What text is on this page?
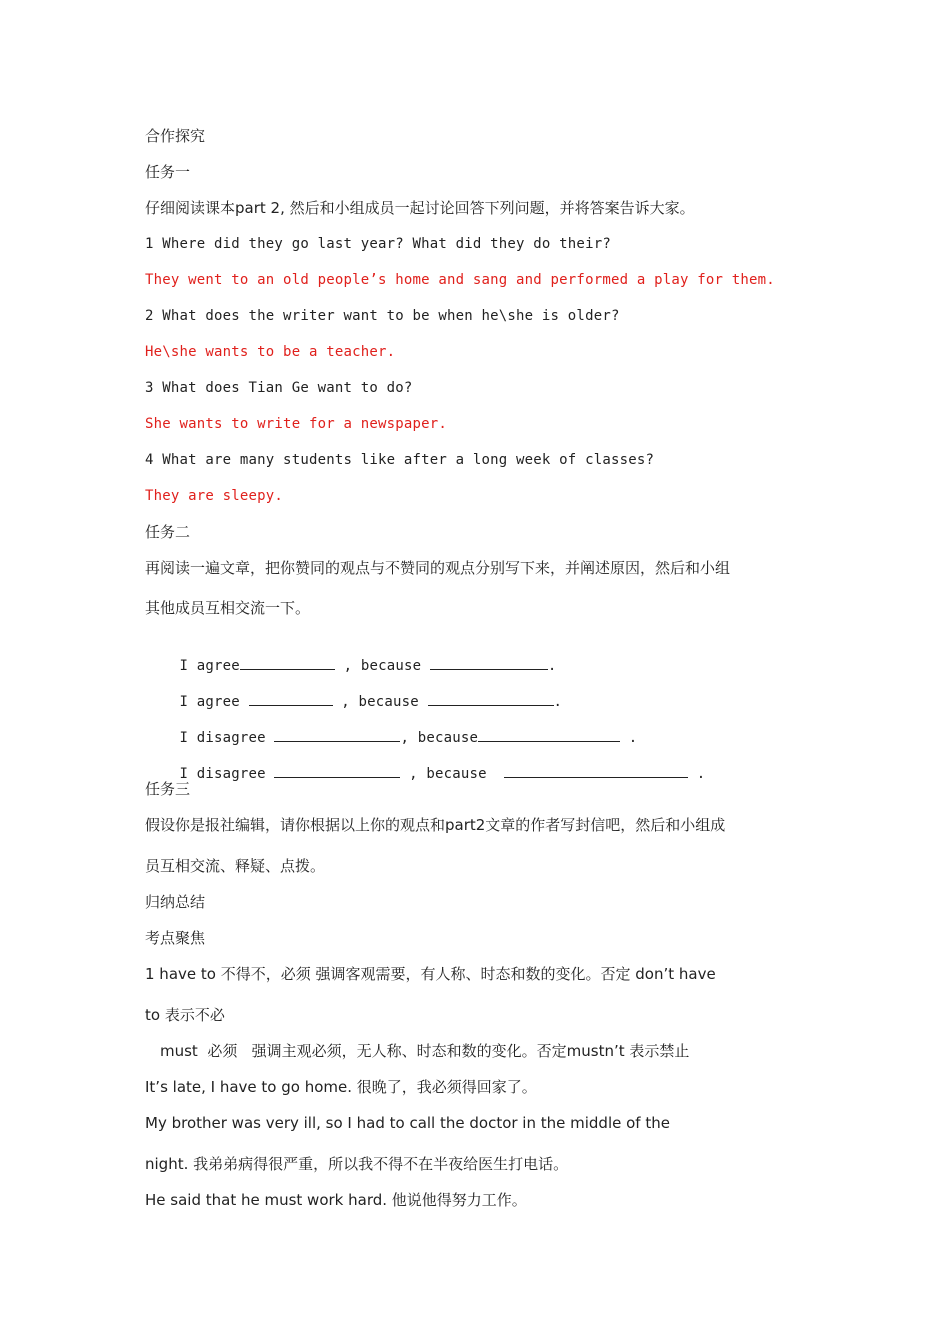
合作探究
任务一
仔细阅读课本part 2, 然后和小组成员一起讨论回答下列问题，并将答案告诉大家。
1 Where did they go last year? What did they do their?
They went to an old people’s home and sang and performed a play for them.
2 What does the writer want to be when he\she is older?
He\she wants to be a teacher.
3 What does Tian Ge want to do?
She wants to write for a newspaper.
4 What are many students like after a long week of classes?
They are sleepy.
任务二
再阅读一遍文章，把你赞同的观点与不赞同的观点分别写下来，并阐述原因，然后和小组
其他成员互相交流一下。

I agree	, because	.

I agree	, because	.

I disagree	, because	.

I disagree	, because	.

任务三
假设你是报社编辑，请你根据以上你的观点和part2文章的作者写封信吧，然后和小组成
员互相交流、释疑、点拨。
归纳总结
考点聚焦
1 have to 不得不，必须 强调客观需要，有人称、时态和数的变化。否定 don’t have
to 表示不必
must  必须   强调主观必须，无人称、时态和数的变化。否定mustn’t 表示禁止
It’s late, I have to go home. 很晚了，我必须得回家了。
My brother was very ill, so I had to call the doctor in the middle of the
night. 我弟弟病得很严重，所以我不得不在半夜给医生打电话。
He said that he must work hard. 他说他得努力工作。
